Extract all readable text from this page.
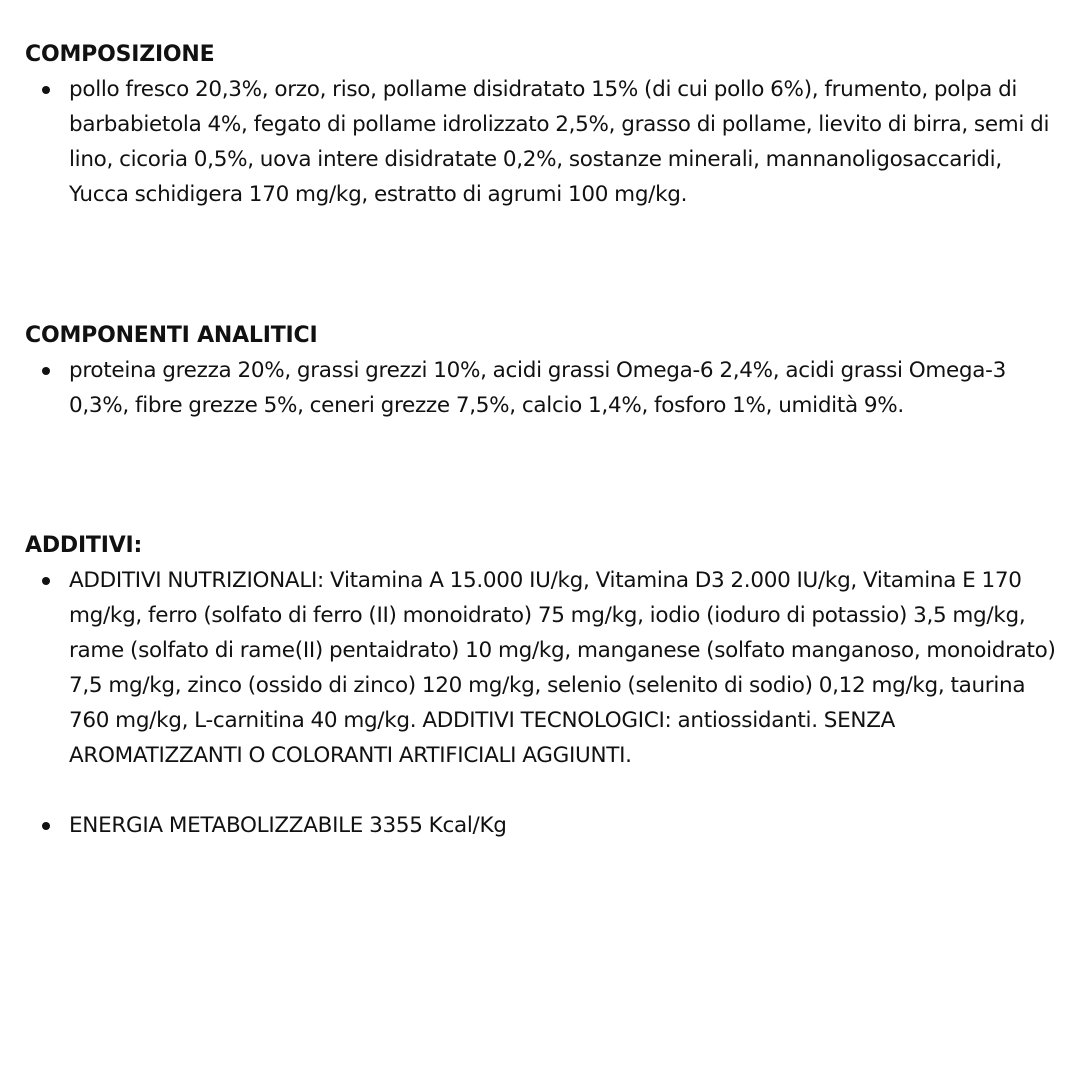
COMPOSIZIONE
pollo fresco 20,3%, orzo, riso, pollame disidratato 15% (di cui pollo 6%), frumento, polpa di barbabietola 4%, fegato di pollame idrolizzato 2,5%, grasso di pollame, lievito di birra, semi di lino, cicoria 0,5%, uova intere disidratate 0,2%, sostanze minerali, mannanoligosaccaridi, Yucca schidigera 170 mg/kg, estratto di agrumi 100 mg/kg.
COMPONENTI ANALITICI
proteina grezza 20%, grassi grezzi 10%, acidi grassi Omega-6 2,4%, acidi grassi Omega-3 0,3%, fibre grezze 5%, ceneri grezze 7,5%, calcio 1,4%, fosforo 1%, umidità 9%.
ADDITIVI:
ADDITIVI NUTRIZIONALI: Vitamina A 15.000 IU/kg, Vitamina D3 2.000 IU/kg, Vitamina E 170 mg/kg, ferro (solfato di ferro (II) monoidrato) 75 mg/kg, iodio (ioduro di potassio) 3,5 mg/kg, rame (solfato di rame(II) pentaidrato) 10 mg/kg, manganese (solfato manganoso, monoidrato) 7,5 mg/kg, zinco (ossido di zinco) 120 mg/kg, selenio (selenito di sodio) 0,12 mg/kg, taurina 760 mg/kg, L-carnitina 40 mg/kg. ADDITIVI TECNOLOGICI: antiossidanti. SENZA AROMATIZZANTI O COLORANTI ARTIFICIALI AGGIUNTI.
ENERGIA METABOLIZZABILE 3355 Kcal/Kg
